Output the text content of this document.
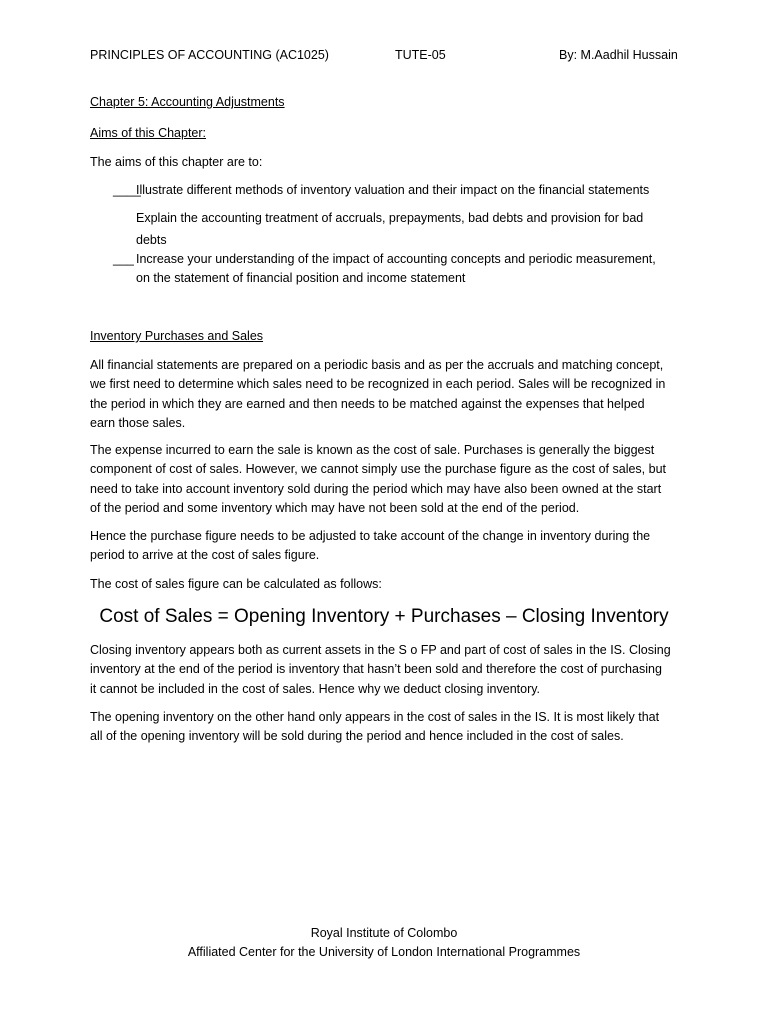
PRINCIPLES OF ACCOUNTING (AC1025)	TUTE-05	By: M.Aadhil Hussain
Chapter 5: Accounting Adjustments
Aims of this Chapter:
The aims of this chapter are to:
____
Illustrate different methods of inventory valuation and their impact on the financial statements
Explain the accounting treatment of accruals, prepayments, bad debts and provision for bad
debts
___ Increase your understanding of the impact of accounting concepts and periodic measurement,
on the statement of financial position and income statement
Inventory Purchases and Sales
All financial statements are prepared on a periodic basis and as per the accruals and matching concept,
we first need to determine which sales need to be recognized in each period. Sales will be recognized in
the period in which they are earned and then needs to be matched against the expenses that helped
earn those sales.
The expense incurred to earn the sale is known as the cost of sale. Purchases is generally the biggest
component of cost of sales. However, we cannot simply use the purchase figure as the cost of sales, but
need to take into account inventory sold during the period which may have also been owned at the start
of the period and some inventory which may have not been sold at the end of the period.
Hence the purchase figure needs to be adjusted to take account of the change in inventory during the
period to arrive at the cost of sales figure.
The cost of sales figure can be calculated as follows:
Cost of Sales = Opening Inventory + Purchases – Closing Inventory
Closing inventory appears both as current assets in the S o FP and part of cost of sales in the IS. Closing
inventory at the end of the period is inventory that hasn’t been sold and therefore the cost of purchasing
it cannot be included in the cost of sales. Hence why we deduct closing inventory.
The opening inventory on the other hand only appears in the cost of sales in the IS. It is most likely that
all of the opening inventory will be sold during the period and hence included in the cost of sales.
Royal Institute of Colombo
Affiliated Center for the University of London International Programmes
